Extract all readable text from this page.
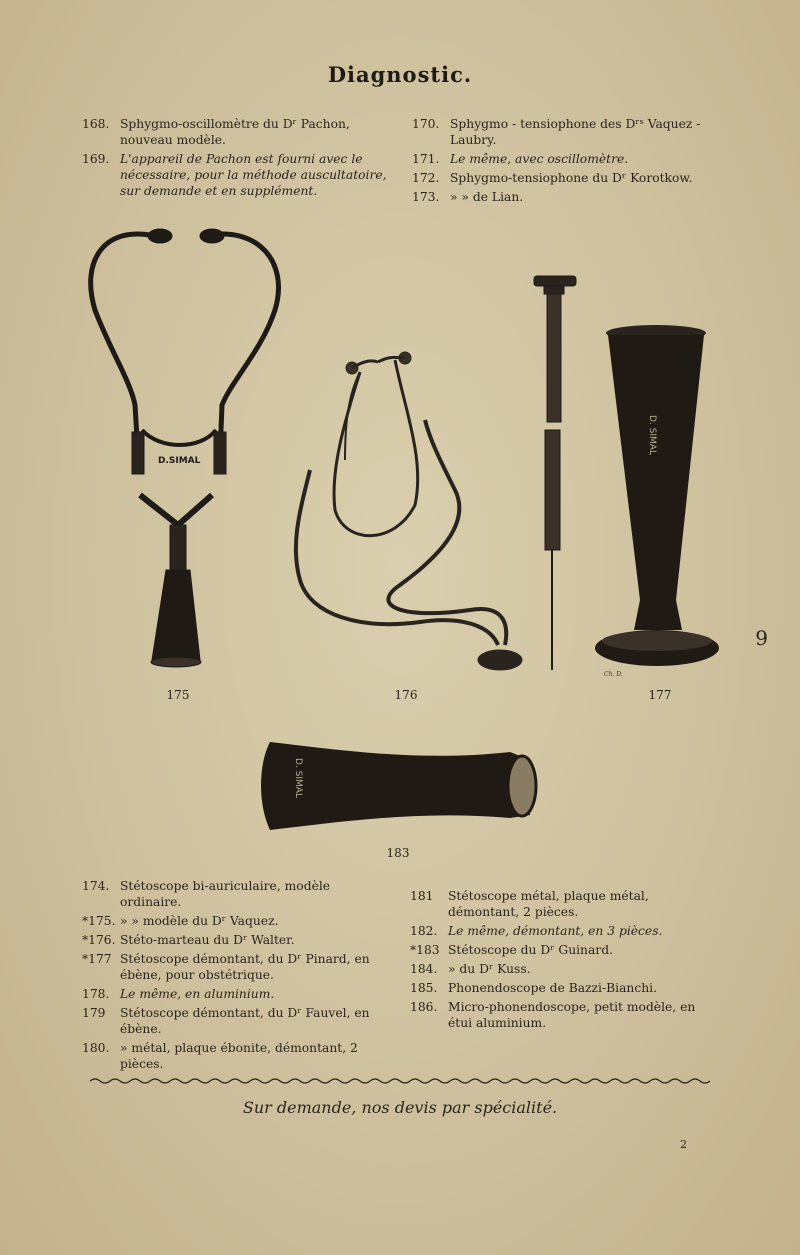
Diagnostic.
168. Sphygmo-oscillomètre du Dʳ Pachon, nouveau modèle.
169. L'appareil de Pachon est fourni avec le nécessaire, pour la méthode auscultatoire, sur demande et en supplément.
170. Sphygmo - tensiophone des Dʳˢ Vaquez - Laubry.
171. Le même, avec oscillomètre.
172. Sphygmo-tensiophone du Dʳ Korotkow.
173. » » de Lian.
D.SIMAL
D. SIMAL
D. SIMAL
Ch. D.
175	176	177
183
9
174. Stétoscope bi-auriculaire, modèle ordinaire.
*175. » » modèle du Dʳ Vaquez.
*176. Stéto-marteau du Dʳ Walter.
*177 Stétoscope démontant, du Dʳ Pinard, en ébène, pour obstétrique.
178. Le même, en aluminium.
179	Stétoscope démontant, du Dʳ Fauvel, en ébène.
180. » métal, plaque ébonite, démontant, 2 pièces.
181	Stétoscope métal, plaque métal, démontant, 2 pièces.
182. Le même, démontant, en 3 pièces.
*183 Stétoscope du Dʳ Guinard.
184. » du Dʳ Kuss.
185. Phonendoscope de Bazzi-Bianchi.
186. Micro-phonendoscope, petit modèle, en étui aluminium.
Sur demande, nos devis par spécialité.
2
